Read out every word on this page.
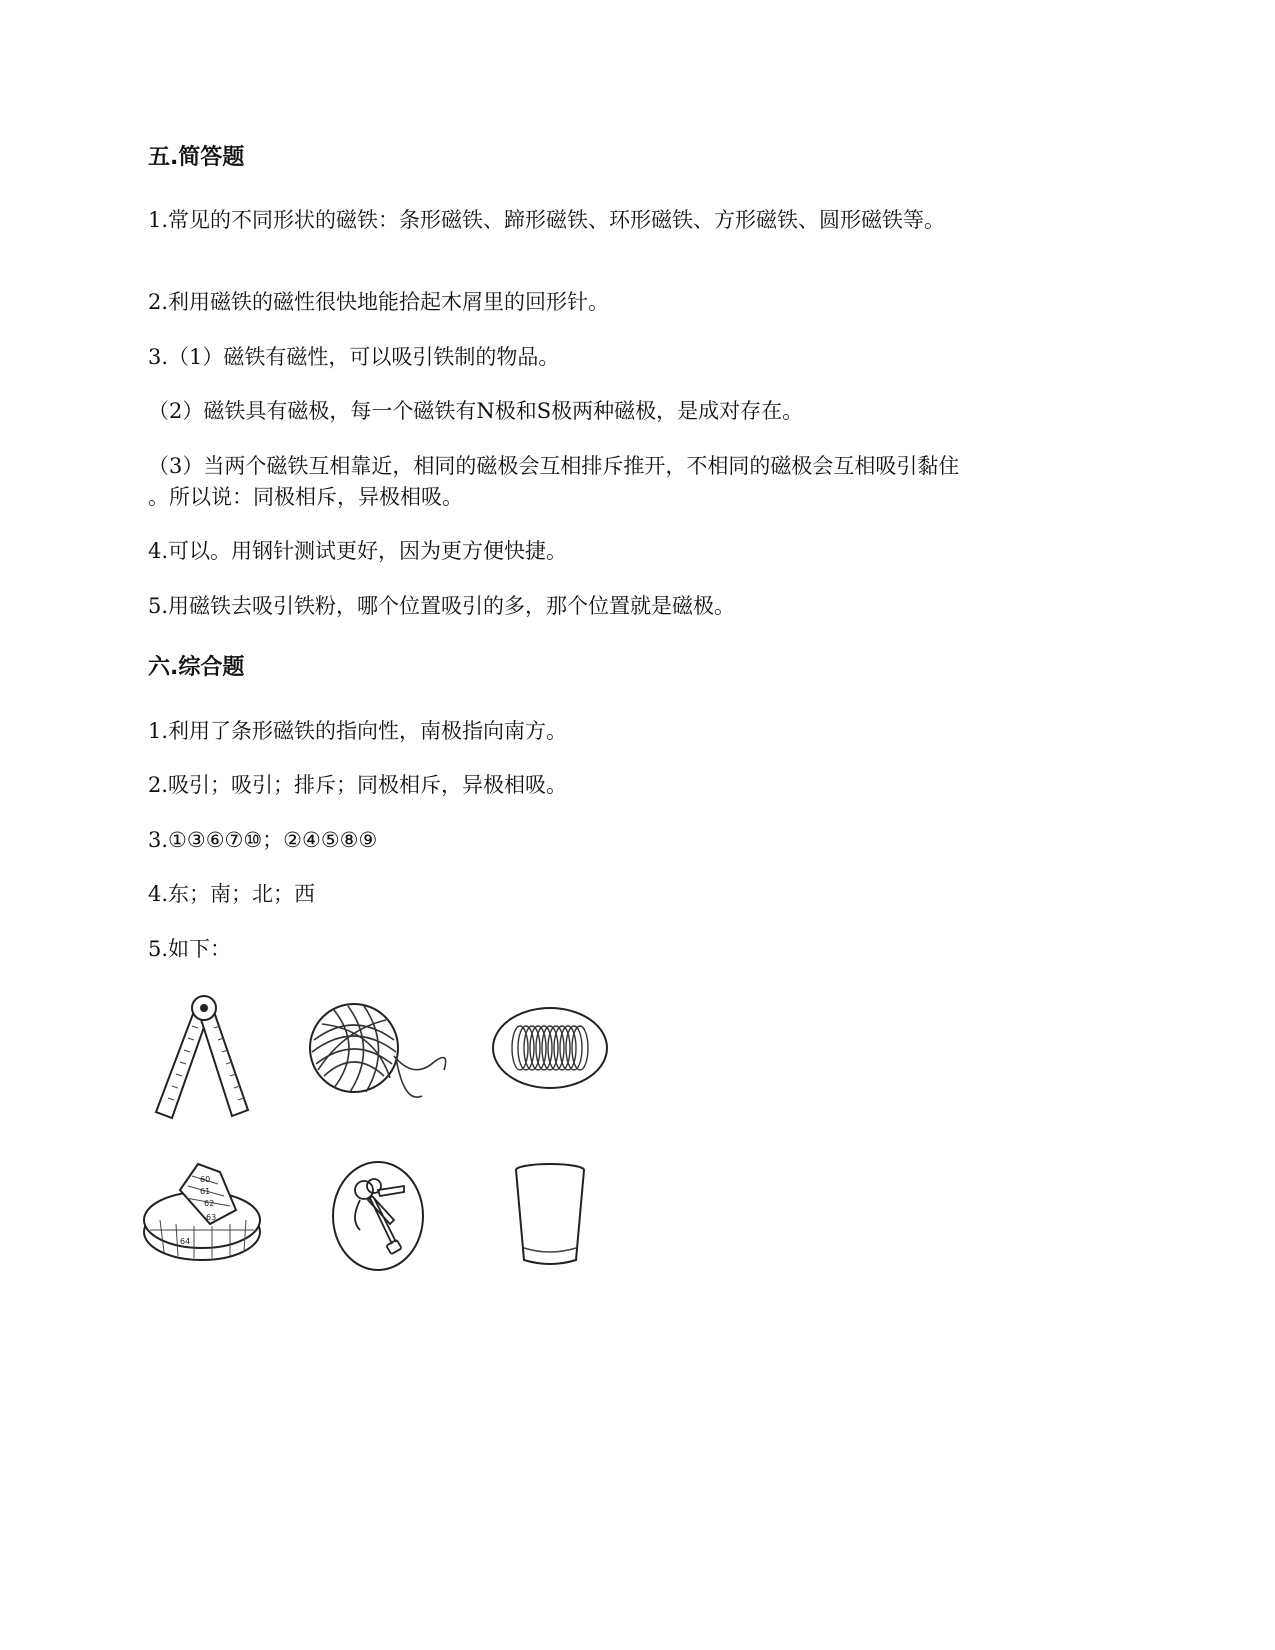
五.简答题
1.常见的不同形状的磁铁：条形磁铁、蹄形磁铁、环形磁铁、方形磁铁、圆形磁铁等。
2.利用磁铁的磁性很快地能拾起木屑里的回形针。
3.（1）磁铁有磁性，可以吸引铁制的物品。
（2）磁铁具有磁极，每一个磁铁有N极和S极两种磁极，是成对存在。
（3）当两个磁铁互相靠近，相同的磁极会互相排斥推开，不相同的磁极会互相吸引黏住
。所以说：同极相斥，异极相吸。
4.可以。用钢针测试更好，因为更方便快捷。
5.用磁铁去吸引铁粉，哪个位置吸引的多，那个位置就是磁极。
六.综合题
1.利用了条形磁铁的指向性，南极指向南方。
2.吸引；吸引；排斥；同极相斥，异极相吸。
3.①③⑥⑦⑩；②④⑤⑧⑨
4.东；南；北；西
5.如下：
60
61
62
63
64
